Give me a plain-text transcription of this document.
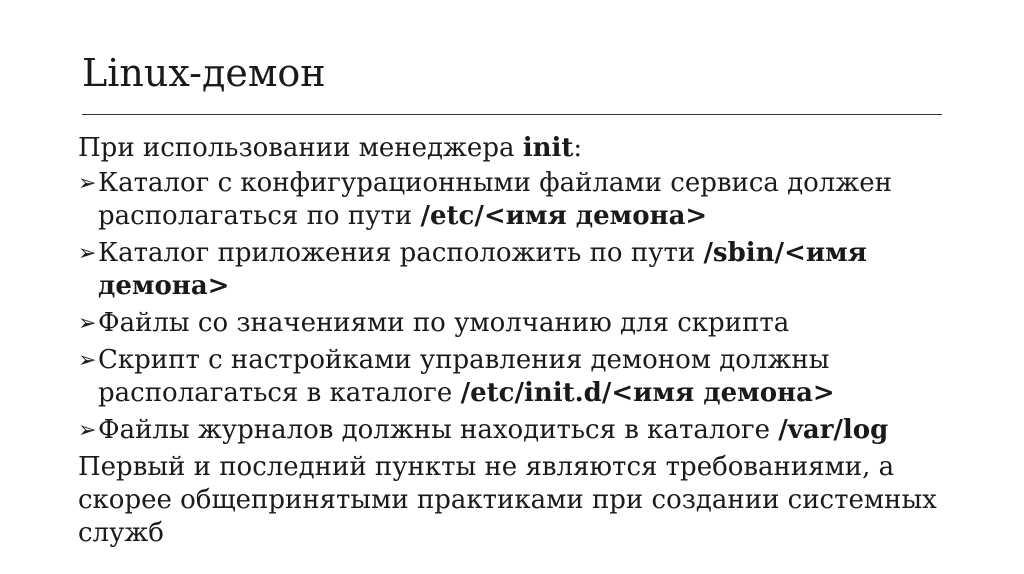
Linux-демон

При использовании менеджера init:

➢ Каталог с конфигурационными файлами сервиса должен располагаться по пути /etc/<имя демона>
➢ Каталог приложения расположить по пути /sbin/<имя демона>
➢ Файлы со значениями по умолчанию для скрипта
➢ Скрипт с настройками управления демоном должны располагаться в каталоге /etc/init.d/<имя демона>
➢ Файлы журналов должны находиться в каталоге /var/log

Первый и последний пункты не являются требованиями, а скорее общепринятыми практиками при создании системных служб
